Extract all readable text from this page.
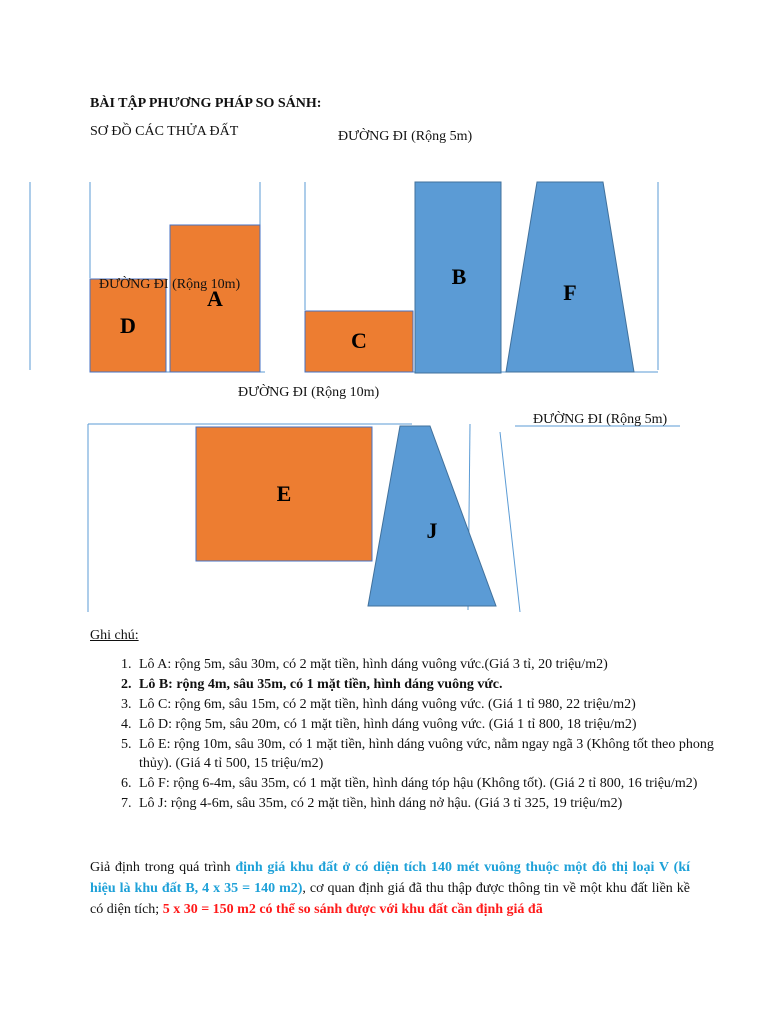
BÀI TẬP PHƯƠNG PHÁP SO SÁNH:
SƠ ĐỒ CÁC THỬA ĐẤT
A
D
C
B
F
E
J
ĐƯỜNG ĐI (Rộng 5m)
ĐƯỜNG ĐI (Rộng 10m)
ĐƯỜNG ĐI (Rộng 10m)
ĐƯỜNG ĐI (Rộng 5m)
Ghi chú:
1. Lô A: rộng 5m, sâu 30m, có 2 mặt tiền, hình dáng vuông vức.(Giá 3 tỉ, 20 triệu/m2)
2. Lô B: rộng 4m, sâu 35m, có 1 mặt tiền, hình dáng vuông vức.
3. Lô C: rộng 6m, sâu 15m, có 2 mặt tiền, hình dáng vuông vức. (Giá 1 tỉ 980, 22 triệu/m2)
4. Lô D: rộng 5m, sâu 20m, có 1 mặt tiền, hình dáng vuông vức. (Giá 1 tỉ 800, 18 triệu/m2)
5. Lô E: rộng 10m, sâu 30m, có 1 mặt tiền, hình dáng vuông vức, nằm ngay ngã 3 (Không tốt theo phong thủy). (Giá 4 tỉ 500, 15 triệu/m2)
6. Lô F: rộng 6-4m, sâu 35m, có 1 mặt tiền, hình dáng tóp hậu (Không tốt). (Giá 2 tỉ 800, 16 triệu/m2)
7. Lô J: rộng 4-6m, sâu 35m, có 2 mặt tiền, hình dáng nở hậu. (Giá 3 tỉ 325, 19 triệu/m2)
Giả định trong quá trình định giá khu đất ở có diện tích 140 mét vuông thuộc một đô thị loại V (kí hiệu là khu đất B, 4 x 35 = 140 m2), cơ quan định giá đã thu thập được thông tin về một khu đất liền kề có diện tích; 5 x 30 = 150 m2 có thể so sánh được với khu đất cần định giá đã
